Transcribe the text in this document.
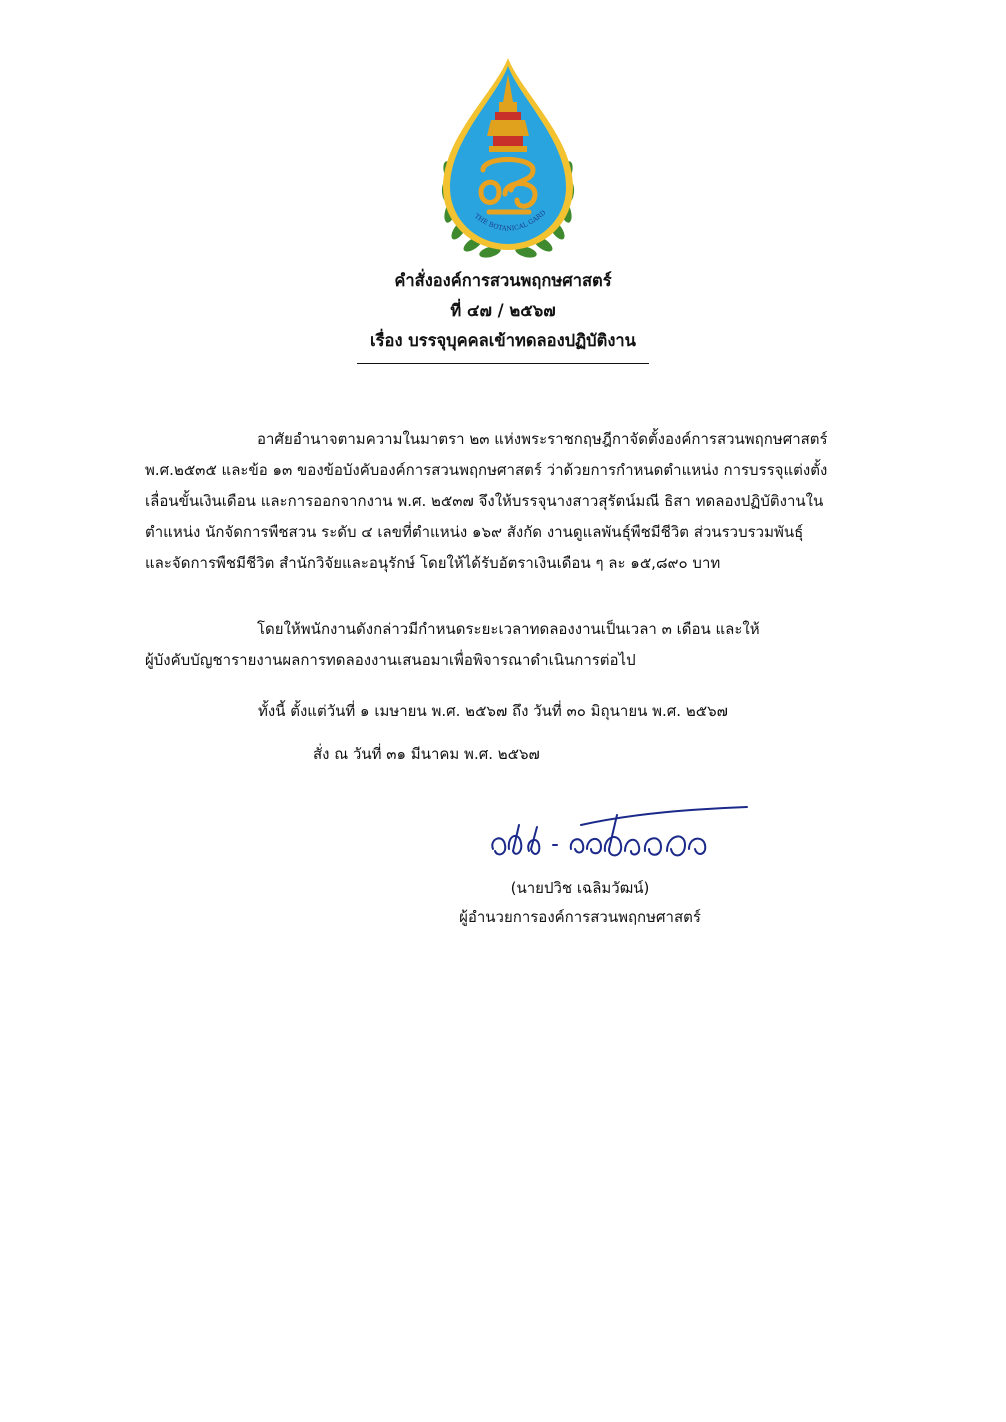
THE BOTANICAL GARD
คำสั่งองค์การสวนพฤกษศาสตร์
ที่ ๔๗ / ๒๕๖๗
เรื่อง บรรจุบุคคลเข้าทดลองปฏิบัติงาน
อาศัยอำนาจตามความในมาตรา ๒๓ แห่งพระราชกฤษฎีกาจัดตั้งองค์การสวนพฤกษศาสตร์
พ.ศ.๒๕๓๕ และข้อ ๑๓ ของข้อบังคับองค์การสวนพฤกษศาสตร์ ว่าด้วยการกำหนดตำแหน่ง การบรรจุแต่งตั้ง
เลื่อนขั้นเงินเดือน และการออกจากงาน พ.ศ. ๒๕๓๗ จึงให้บรรจุนางสาวสุรัตน์มณี ธิสา ทดลองปฏิบัติงานใน
ตำแหน่ง นักจัดการพืชสวน ระดับ ๔ เลขที่ตำแหน่ง ๑๖๙ สังกัด งานดูแลพันธุ์พืชมีชีวิต ส่วนรวบรวมพันธุ์
และจัดการพืชมีชีวิต สำนักวิจัยและอนุรักษ์ โดยให้ได้รับอัตราเงินเดือน ๆ ละ ๑๕,๘๙๐ บาท
โดยให้พนักงานดังกล่าวมีกำหนดระยะเวลาทดลองงานเป็นเวลา ๓ เดือน และให้
ผู้บังคับบัญชารายงานผลการทดลองงานเสนอมาเพื่อพิจารณาดำเนินการต่อไป
ทั้งนี้ ตั้งแต่วันที่ ๑ เมษายน พ.ศ. ๒๕๖๗ ถึง วันที่ ๓๐ มิถุนายน พ.ศ. ๒๕๖๗
สั่ง ณ วันที่ ๓๑ มีนาคม พ.ศ. ๒๕๖๗
(นายปวิช เฉลิมวัฒน์)
ผู้อำนวยการองค์การสวนพฤกษศาสตร์
